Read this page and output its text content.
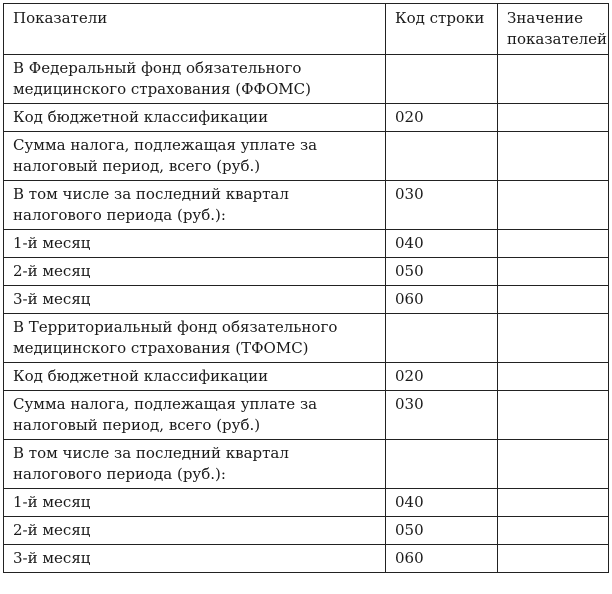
Показатели	Код строки	Значение показателей
В Федеральный фонд обязательного медицинского страхования (ФФОМС)		
Код бюджетной классификации	020	
Сумма налога, подлежащая уплате за налоговый период, всего (руб.)		
В том числе за последний квартал налогового периода (руб.):	030	
1-й месяц	040	
2-й месяц	050	
3-й месяц	060	
В Территориальный фонд обязательного медицинского страхования (ТФОМС)		
Код бюджетной классификации	020	
Сумма налога, подлежащая уплате за налоговый период, всего (руб.)	030	
В том числе за последний квартал налогового периода (руб.):		
1-й месяц	040	
2-й месяц	050	
3-й месяц	060	
